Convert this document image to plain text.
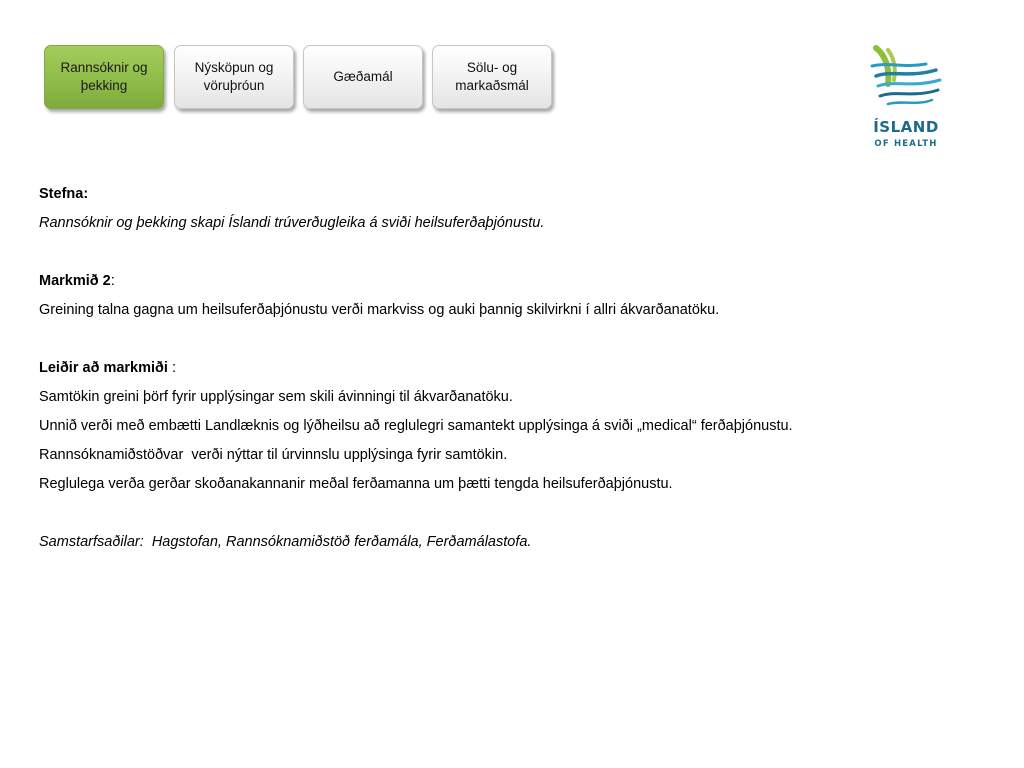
Rannsóknir og
þekking
Nýsköpun og
vöruþróun
Gæðamál
Sölu- og
markaðsmál
ÍSLAND
OF HEALTH

Stefna:

Rannsóknir og þekking skapi Íslandi trúverðugleika á sviði heilsuferðaþjónustu.

Markmið 2:

Greining talna gagna um heilsuferðaþjónustu verði markviss og auki þannig skilvirkni í allri ákvarðanatöku.

Leiðir að markmiði :

Samtökin greini þörf fyrir upplýsingar sem skili ávinningi til ákvarðanatöku.

Unnið verði með embætti Landlæknis og lýðheilsu að reglulegri samantekt upplýsinga á sviði „medical“ ferðaþjónustu.

Rannsóknamiðstöðvar  verði nýttar til úrvinnslu upplýsinga fyrir samtökin.

Reglulega verða gerðar skoðanakannanir meðal ferðamanna um þætti tengda heilsuferðaþjónustu.

Samstarfsaðilar:  Hagstofan, Rannsóknamiðstöð ferðamála, Ferðamálastofa.
